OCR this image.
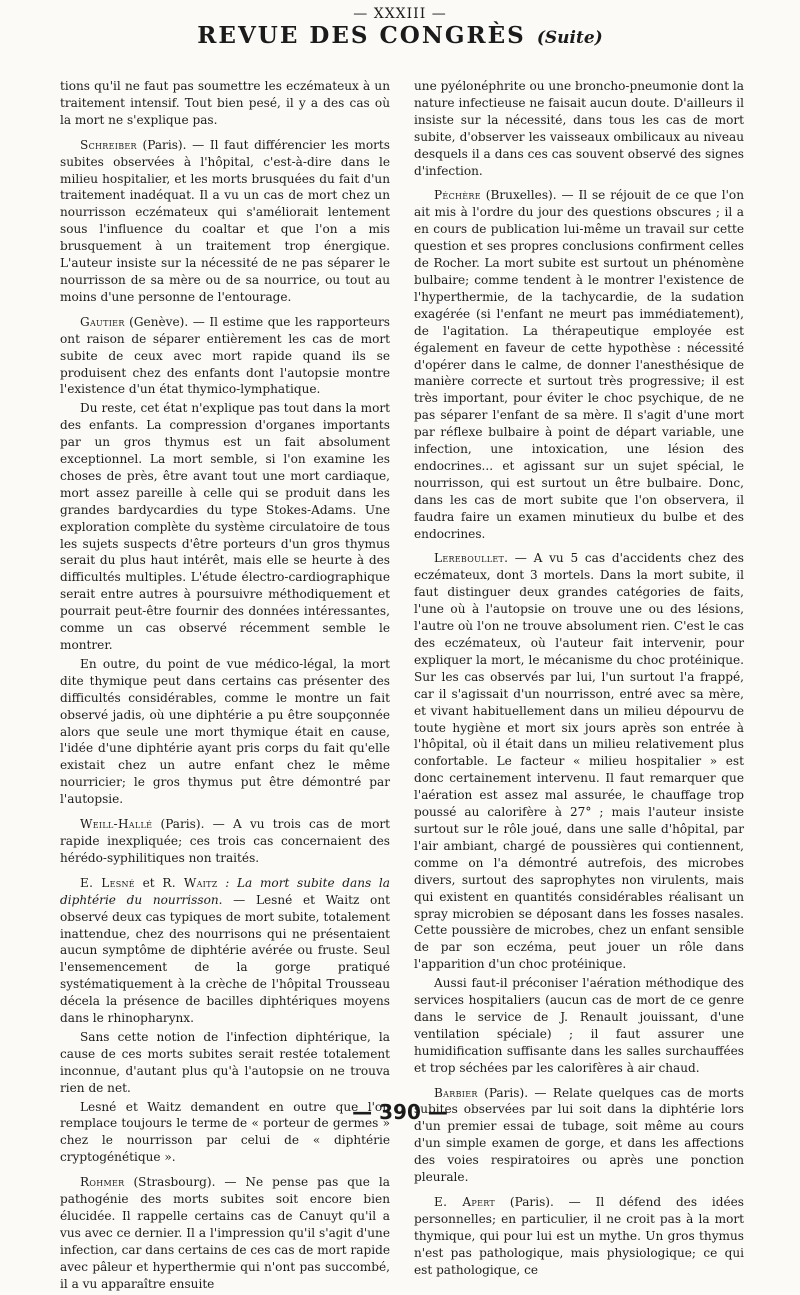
— XXXIII —
REVUE DES CONGRÈS (Suite)

tions qu'il ne faut pas soumettre les eczémateux à un traitement intensif. Tout bien pesé, il y a des cas où la mort ne s'explique pas.

Schreiber (Paris). — Il faut différencier les morts subites observées à l'hôpital, c'est-à-dire dans le milieu hospitalier, et les morts brusquées du fait d'un traitement inadéquat. Il a vu un cas de mort chez un nourrisson eczémateux qui s'améliorait lentement sous l'influence du coaltar et que l'on a mis brusquement à un traitement trop énergique. L'auteur insiste sur la nécessité de ne pas séparer le nourrisson de sa mère ou de sa nourrice, ou tout au moins d'une personne de l'entourage.

Gautier (Genève). — Il estime que les rapporteurs ont raison de séparer entièrement les cas de mort subite de ceux avec mort rapide quand ils se produisent chez des enfants dont l'autopsie montre l'existence d'un état thymico-lymphatique.

Du reste, cet état n'explique pas tout dans la mort des enfants. La compression d'organes importants par un gros thymus est un fait absolument exceptionnel. La mort semble, si l'on examine les choses de près, être avant tout une mort cardiaque, mort assez pareille à celle qui se produit dans les grandes bardycardies du type Stokes-Adams. Une exploration complète du système circulatoire de tous les sujets suspects d'être porteurs d'un gros thymus serait du plus haut intérêt, mais elle se heurte à des difficultés multiples. L'étude électro-cardiographique serait entre autres à poursuivre méthodiquement et pourrait peut-être fournir des données intéressantes, comme un cas observé récemment semble le montrer.

En outre, du point de vue médico-légal, la mort dite thymique peut dans certains cas présenter des difficultés considérables, comme le montre un fait observé jadis, où une diphtérie a pu être soupçonnée alors que seule une mort thymique était en cause, l'idée d'une diphtérie ayant pris corps du fait qu'elle existait chez un autre enfant chez le même nourricier; le gros thymus put être démontré par l'autopsie.

Weill-Hallé (Paris). — A vu trois cas de mort rapide inexpliquée; ces trois cas concernaient des hérédo-syphilitiques non traités.

E. Lesné et R. Waitz : La mort subite dans la diphtérie du nourrisson. — Lesné et Waitz ont observé deux cas typiques de mort subite, totalement inattendue, chez des nourrisons qui ne présentaient aucun symptôme de diphtérie avérée ou fruste. Seul l'ensemencement de la gorge pratiqué systématiquement à la crèche de l'hôpital Trousseau décela la présence de bacilles diphtériques moyens dans le rhinopharynx.

Sans cette notion de l'infection diphtérique, la cause de ces morts subites serait restée totalement inconnue, d'autant plus qu'à l'autopsie on ne trouva rien de net.

Lesné et Waitz demandent en outre que l'on remplace toujours le terme de « porteur de germes » chez le nourrisson par celui de « diphtérie cryptogénétique ».

Rohmer (Strasbourg). — Ne pense pas que la pathogénie des morts subites soit encore bien élucidée. Il rappelle certains cas de Canuyt qu'il a vus avec ce dernier. Il a l'impression qu'il s'agit d'une infection, car dans certains de ces cas de mort rapide avec pâleur et hyperthermie qui n'ont pas succombé, il a vu apparaître ensuite

une pyélonéphrite ou une broncho-pneumonie dont la nature infectieuse ne faisait aucun doute. D'ailleurs il insiste sur la nécessité, dans tous les cas de mort subite, d'observer les vaisseaux ombilicaux au niveau desquels il a dans ces cas souvent observé des signes d'infection.

Péchère (Bruxelles). — Il se réjouit de ce que l'on ait mis à l'ordre du jour des questions obscures ; il a en cours de publication lui-même un travail sur cette question et ses propres conclusions confirment celles de Rocher. La mort subite est surtout un phénomène bulbaire; comme tendent à le montrer l'existence de l'hyperthermie, de la tachycardie, de la sudation exagérée (si l'enfant ne meurt pas immédiatement), de l'agitation. La thérapeutique employée est également en faveur de cette hypothèse : nécessité d'opérer dans le calme, de donner l'anesthésique de manière correcte et surtout très progressive; il est très important, pour éviter le choc psychique, de ne pas séparer l'enfant de sa mère. Il s'agit d'une mort par réflexe bulbaire à point de départ variable, une infection, une intoxication, une lésion des endocrines... et agissant sur un sujet spécial, le nourrisson, qui est surtout un être bulbaire. Donc, dans les cas de mort subite que l'on observera, il faudra faire un examen minutieux du bulbe et des endocrines.

Lereboullet. — A vu 5 cas d'accidents chez des eczémateux, dont 3 mortels. Dans la mort subite, il faut distinguer deux grandes catégories de faits, l'une où à l'autopsie on trouve une ou des lésions, l'autre où l'on ne trouve absolument rien. C'est le cas des eczémateux, où l'auteur fait intervenir, pour expliquer la mort, le mécanisme du choc protéinique. Sur les cas observés par lui, l'un surtout l'a frappé, car il s'agissait d'un nourrisson, entré avec sa mère, et vivant habituellement dans un milieu dépourvu de toute hygiène et mort six jours après son entrée à l'hôpital, où il était dans un milieu relativement plus confortable. Le facteur « milieu hospitalier » est donc certainement intervenu. Il faut remarquer que l'aération est assez mal assurée, le chauffage trop poussé au calorifère à 27° ; mais l'auteur insiste surtout sur le rôle joué, dans une salle d'hôpital, par l'air ambiant, chargé de poussières qui contiennent, comme on l'a démontré autrefois, des microbes divers, surtout des saprophytes non virulents, mais qui existent en quantités considérables réalisant un spray microbien se déposant dans les fosses nasales. Cette poussière de microbes, chez un enfant sensible de par son eczéma, peut jouer un rôle dans l'apparition d'un choc protéinique.

Aussi faut-il préconiser l'aération méthodique des services hospitaliers (aucun cas de mort de ce genre dans le service de J. Renault jouissant, d'une ventilation spéciale) ; il faut assurer une humidification suffisante dans les salles surchauffées et trop séchées par les calorifères à air chaud.

Barbier (Paris). — Relate quelques cas de morts subites observées par lui soit dans la diphtérie lors d'un premier essai de tubage, soit même au cours d'un simple examen de gorge, et dans les affections des voies respiratoires ou après une ponction pleurale.

E. Apert (Paris). — Il défend des idées personnelles; en particulier, il ne croit pas à la mort thymique, qui pour lui est un mythe. Un gros thymus n'est pas pathologique, mais physiologique; ce qui est pathologique, ce

— 390 —
